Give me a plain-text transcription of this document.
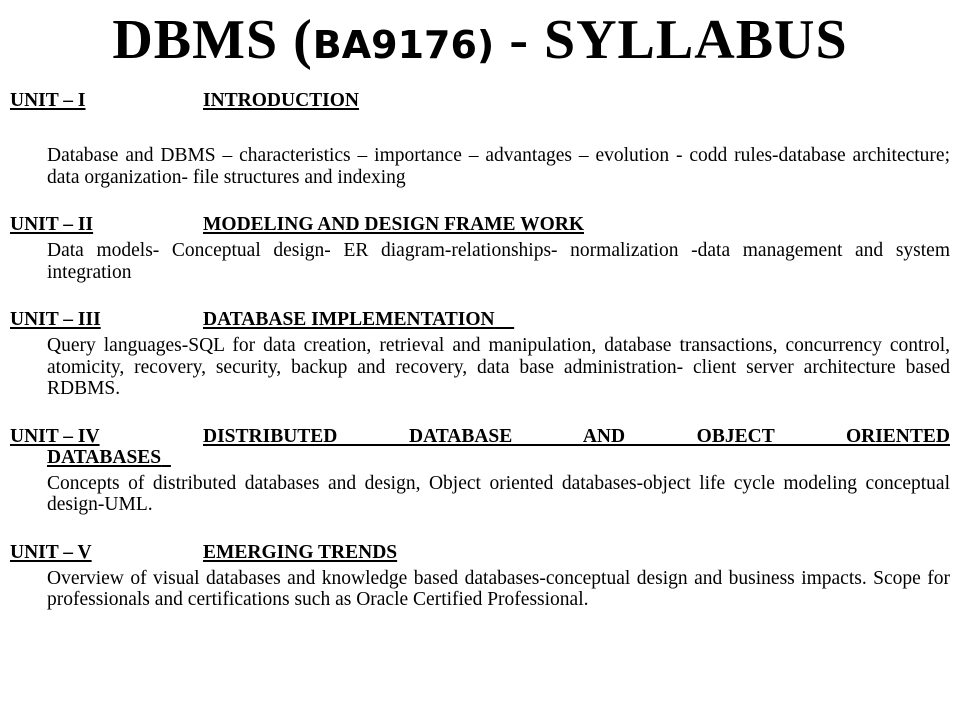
DBMS (BA9176) - SYLLABUS
UNIT – I	INTRODUCTION
Database and DBMS – characteristics – importance – advantages – evolution - codd rules-database architecture; data organization- file structures and indexing
UNIT – II	MODELING AND DESIGN FRAME WORK
Data models- Conceptual design- ER diagram-relationships- normalization -data management and system integration
UNIT – III	DATABASE IMPLEMENTATION

Query languages-SQL for data creation, retrieval and manipulation, database transactions, concurrency control, atomicity, recovery, security, backup and recovery, data base administration- client server architecture based RDBMS.
UNIT – IV	DISTRIBUTED DATABASE AND OBJECT ORIENTED
DATABASES
Concepts of distributed databases and design, Object oriented databases-object life cycle modeling conceptual design-UML.
UNIT – V	EMERGING TRENDS
Overview of visual databases and knowledge based databases-conceptual design and business impacts. Scope for professionals and certifications such as Oracle Certified Professional.
